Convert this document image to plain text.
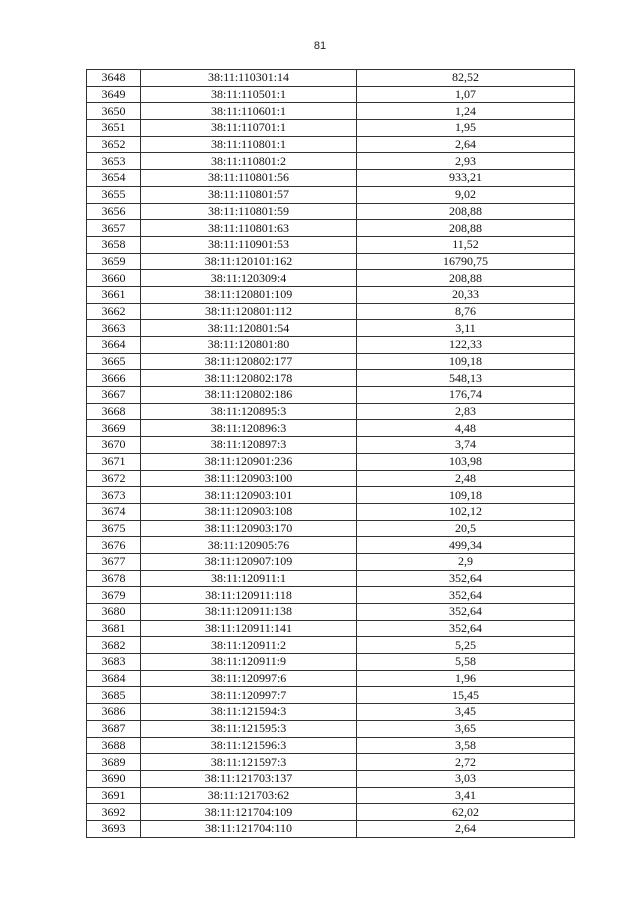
81
3648	38:11:110301:14	82,52
3649	38:11:110501:1	1,07
3650	38:11:110601:1	1,24
3651	38:11:110701:1	1,95
3652	38:11:110801:1	2,64
3653	38:11:110801:2	2,93
3654	38:11:110801:56	933,21
3655	38:11:110801:57	9,02
3656	38:11:110801:59	208,88
3657	38:11:110801:63	208,88
3658	38:11:110901:53	11,52
3659	38:11:120101:162	16790,75
3660	38:11:120309:4	208,88
3661	38:11:120801:109	20,33
3662	38:11:120801:112	8,76
3663	38:11:120801:54	3,11
3664	38:11:120801:80	122,33
3665	38:11:120802:177	109,18
3666	38:11:120802:178	548,13
3667	38:11:120802:186	176,74
3668	38:11:120895:3	2,83
3669	38:11:120896:3	4,48
3670	38:11:120897:3	3,74
3671	38:11:120901:236	103,98
3672	38:11:120903:100	2,48
3673	38:11:120903:101	109,18
3674	38:11:120903:108	102,12
3675	38:11:120903:170	20,5
3676	38:11:120905:76	499,34
3677	38:11:120907:109	2,9
3678	38:11:120911:1	352,64
3679	38:11:120911:118	352,64
3680	38:11:120911:138	352,64
3681	38:11:120911:141	352,64
3682	38:11:120911:2	5,25
3683	38:11:120911:9	5,58
3684	38:11:120997:6	1,96
3685	38:11:120997:7	15,45
3686	38:11:121594:3	3,45
3687	38:11:121595:3	3,65
3688	38:11:121596:3	3,58
3689	38:11:121597:3	2,72
3690	38:11:121703:137	3,03
3691	38:11:121703:62	3,41
3692	38:11:121704:109	62,02
3693	38:11:121704:110	2,64
